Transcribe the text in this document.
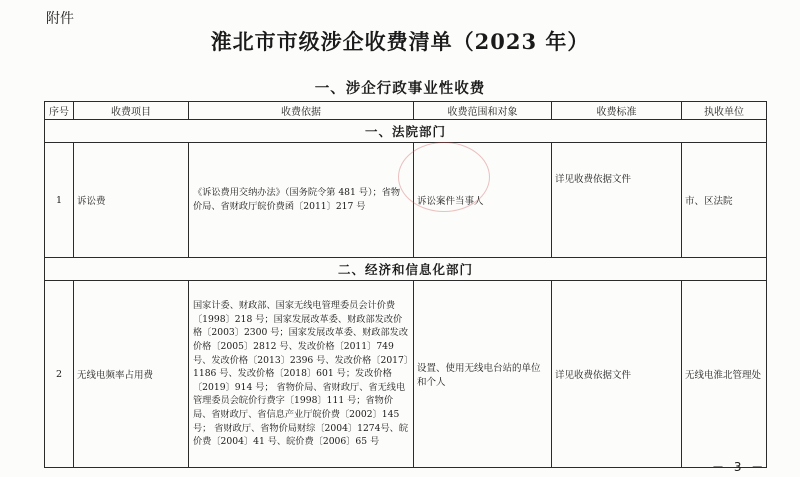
附件
淮北市市级涉企收费清单（2023 年）
一、涉企行政事业性收费
序号	收费项目	收费依据	收费范围和对象	收费标准	执收单位
一、法院部门					
1	诉讼费	《诉讼费用交纳办法》（国务院令第 481 号）；省物价局、省财政厅皖价费函〔2011〕217 号	诉讼案件当事人	详见收费依据文件	市、区法院
二、经济和信息化部门					
2	无线电频率占用费	国家计委、财政部、国家无线电管理委员会计价费〔1998〕218 号；国家发展改革委、财政部发改价格〔2003〕2300 号；国家发展改革委、财政部发改价格〔2005〕2812 号、发改价格〔2011〕749号、发改价格〔2013〕2396 号、发改价格〔2017〕1186 号、发改价格〔2018〕601 号；发改价格〔2019〕914 号； 省物价局、省财政厅、省无线电管理委员会皖价行费字〔1998〕111 号；省物价局、省财政厅、省信息产业厅皖价费〔2002〕145 号； 省财政厅、省物价局财综〔2004〕1274号、皖价费〔2004〕41 号、皖价费〔2006〕65 号	设置、使用无线电台站的单位和个人	详见收费依据文件	无线电淮北管理处
－ 3 －
